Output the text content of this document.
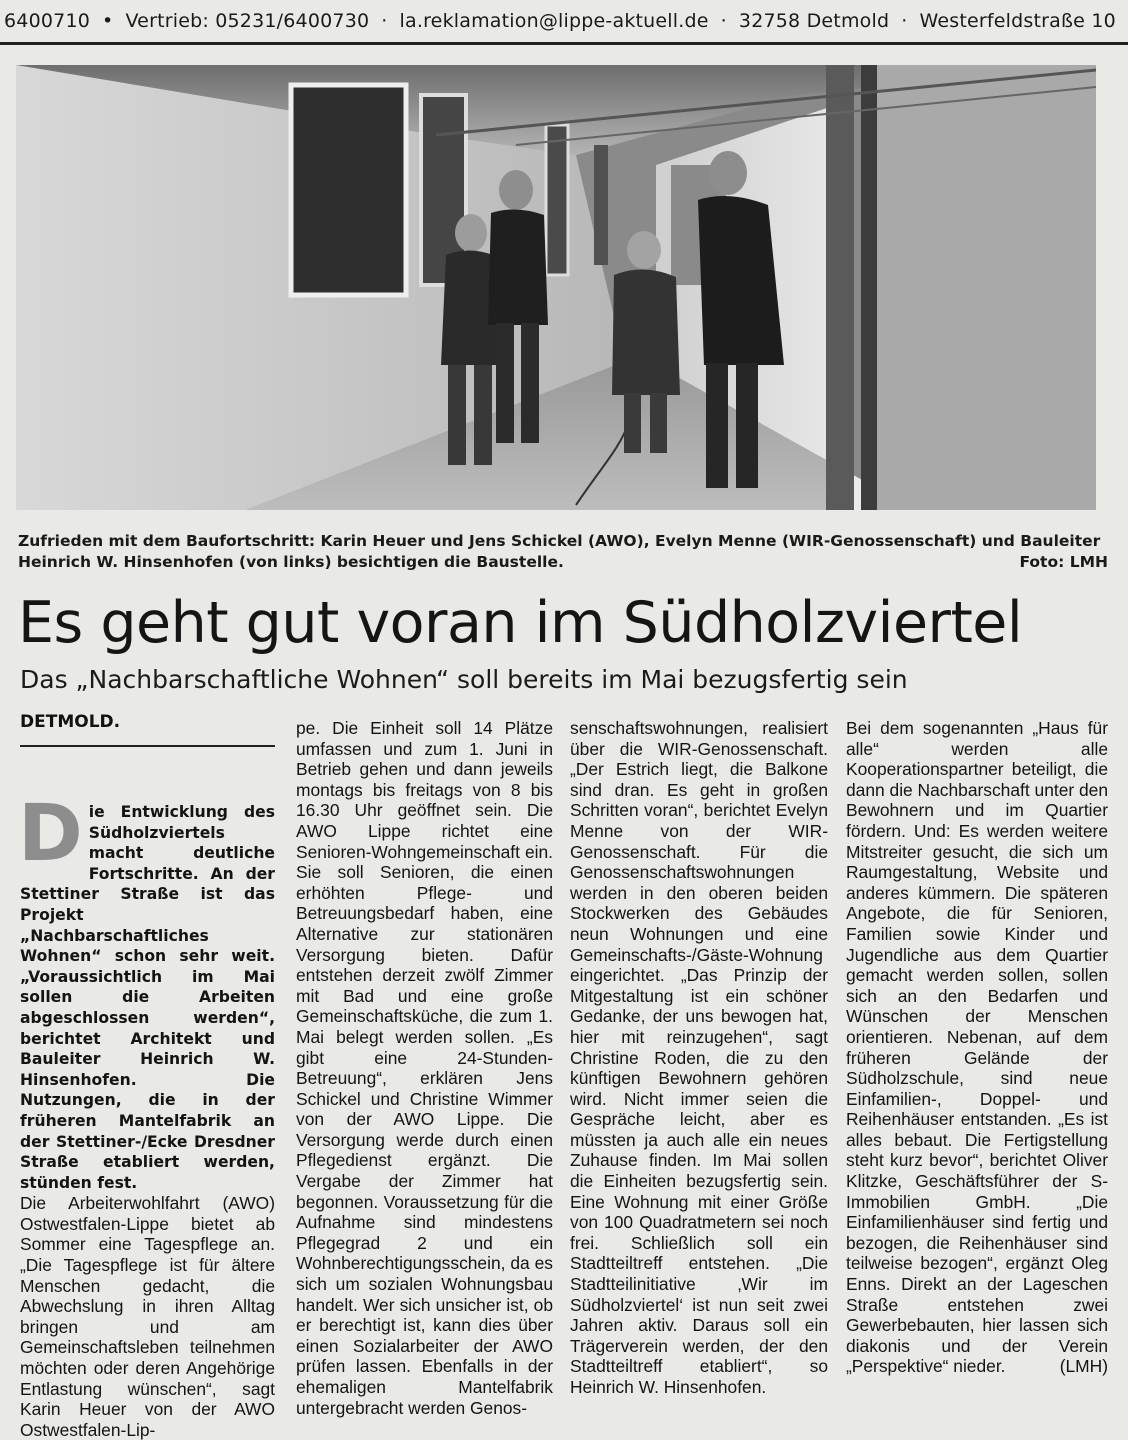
6400710 • Vertrieb: 05231/6400730 · la.reklamation@lippe-aktuell.de · 32758 Detmold · Westerfeldstraße 10
Zufrieden mit dem Baufortschritt: Karin Heuer und Jens Schickel (AWO), Evelyn Menne (WIR-Genossenschaft) und Bauleiter Heinrich W. Hinsenhofen (von links) besichtigen die Baustelle.	Foto: LMH
Es geht gut voran im Südholzviertel
Das „Nachbarschaftliche Wohnen“ soll bereits im Mai bezugsfertig sein
DETMOLD.

Die Entwicklung des Südholzviertels macht deutliche Fortschritte. An der Stettiner Straße ist das Projekt „Nachbarschaftliches Wohnen“ schon sehr weit. „Voraussichtlich im Mai sollen die Arbeiten abgeschlossen werden“, berichtet Architekt und Bauleiter Heinrich W. Hinsenhofen. Die Nutzungen, die in der früheren Mantelfabrik an der Stettiner-/Ecke Dresdner Straße etabliert werden, stünden fest.

Die Arbeiterwohlfahrt (AWO) Ostwestfalen-Lippe bietet ab Sommer eine Tagespflege an. „Die Tagespflege ist für ältere Menschen gedacht, die Abwechslung in ihren Alltag bringen und am Gemeinschaftsleben teilnehmen möchten oder deren Angehörige Entlastung wünschen“, sagt Karin Heuer von der AWO Ostwestfalen-Lip-

pe. Die Einheit soll 14 Plätze umfassen und zum 1. Juni in Betrieb gehen und dann jeweils montags bis freitags von 8 bis 16.30 Uhr geöffnet sein. Die AWO Lippe richtet eine Senioren-Wohngemeinschaft ein. Sie soll Senioren, die einen erhöhten Pflege- und Betreuungsbedarf haben, eine Alternative zur stationären Versorgung bieten. Dafür entstehen derzeit zwölf Zimmer mit Bad und eine große Gemeinschaftsküche, die zum 1. Mai belegt werden sollen. „Es gibt eine 24-Stunden-Betreuung“, erklären Jens Schickel und Christine Wimmer von der AWO Lippe. Die Versorgung werde durch einen Pflegedienst ergänzt. Die Vergabe der Zimmer hat begonnen. Voraussetzung für die Aufnahme sind mindestens Pflegegrad 2 und ein Wohnberechtigungsschein, da es sich um sozialen Wohnungsbau handelt. Wer sich unsicher ist, ob er berechtigt ist, kann dies über einen Sozialarbeiter der AWO prüfen lassen. Ebenfalls in der ehemaligen Mantelfabrik untergebracht werden Genos-

senschaftswohnungen, realisiert über die WIR-Genossenschaft. „Der Estrich liegt, die Balkone sind dran. Es geht in großen Schritten voran“, berichtet Evelyn Menne von der WIR-Genossenschaft. Für die Genossenschaftswohnungen werden in den oberen beiden Stockwerken des Gebäudes neun Wohnungen und eine Gemeinschafts-/Gäste-Wohnung eingerichtet. „Das Prinzip der Mitgestaltung ist ein schöner Gedanke, der uns bewogen hat, hier mit reinzugehen“, sagt Christine Roden, die zu den künftigen Bewohnern gehören wird. Nicht immer seien die Gespräche leicht, aber es müssten ja auch alle ein neues Zuhause finden. Im Mai sollen die Einheiten bezugsfertig sein. Eine Wohnung mit einer Größe von 100 Quadratmetern sei noch frei. Schließlich soll ein Stadtteiltreff entstehen. „Die Stadtteilinitiative ‚Wir im Südholzviertel‘ ist nun seit zwei Jahren aktiv. Daraus soll ein Trägerverein werden, der den Stadtteiltreff etabliert“, so Heinrich W. Hinsenhofen.

Bei dem sogenannten „Haus für alle“ werden alle Kooperationspartner beteiligt, die dann die Nachbarschaft unter den Bewohnern und im Quartier fördern. Und: Es werden weitere Mitstreiter gesucht, die sich um Raumgestaltung, Website und anderes kümmern. Die späteren Angebote, die für Senioren, Familien sowie Kinder und Jugendliche aus dem Quartier gemacht werden sollen, sollen sich an den Bedarfen und Wünschen der Menschen orientieren. Nebenan, auf dem früheren Gelände der Südholzschule, sind neue Einfamilien-, Doppel- und Reihenhäuser entstanden. „Es ist alles bebaut. Die Fertigstellung steht kurz bevor“, berichtet Oliver Klitzke, Geschäftsführer der S-Immobilien GmbH. „Die Einfamilienhäuser sind fertig und bezogen, die Reihenhäuser sind teilweise bezogen“, ergänzt Oleg Enns. Direkt an der Lageschen Straße entstehen zwei Gewerbebauten, hier lassen sich diakonis und der Verein „Perspektive“ nieder.	(LMH)
